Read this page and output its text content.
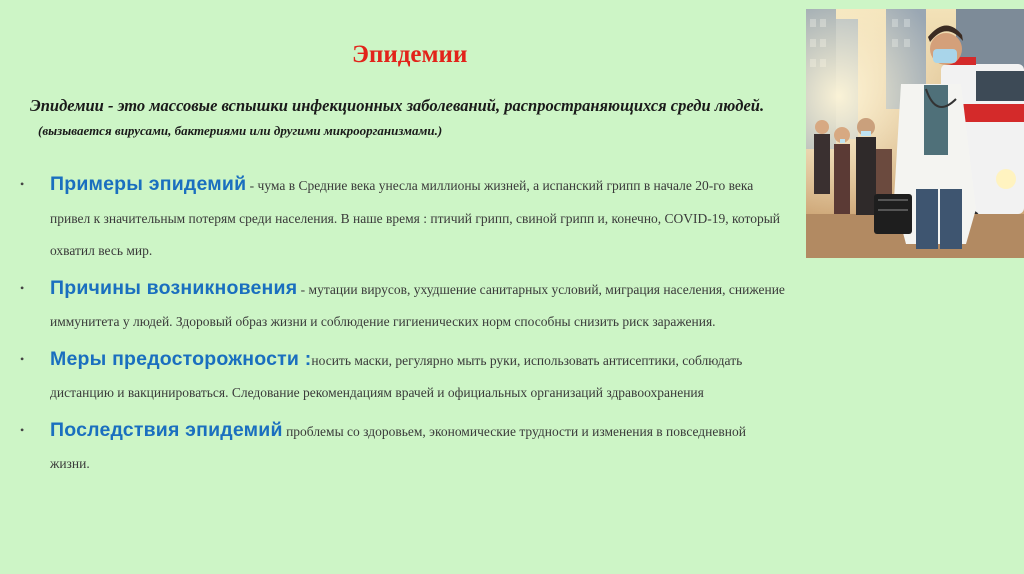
Эпидемии
Эпидемии - это массовые вспышки инфекционных заболеваний, распространяющихся среди людей.(вызывается вирусами, бактериями или другими микроорганизмами.)
• Примеры эпидемий - чума в Средние века унесла миллионы жизней, а испанский грипп в начале 20-го века привел к значительным потерям среди населения. В наше время : птичий грипп, свиной грипп и, конечно, COVID-19, который охватил весь мир.
• Причины возникновения - мутации вирусов, ухудшение санитарных условий, миграция населения, снижение иммунитета у людей. Здоровый образ жизни и соблюдение гигиенических норм способны снизить риск заражения.
• Меры предосторожности :носить маски, регулярно мыть руки, использовать антисептики, соблюдать дистанцию и вакцинироваться. Следование рекомендациям врачей и официальных организаций здравоохранения
• Последствия эпидемий проблемы со здоровьем, экономические трудности и изменения в повседневной жизни.
